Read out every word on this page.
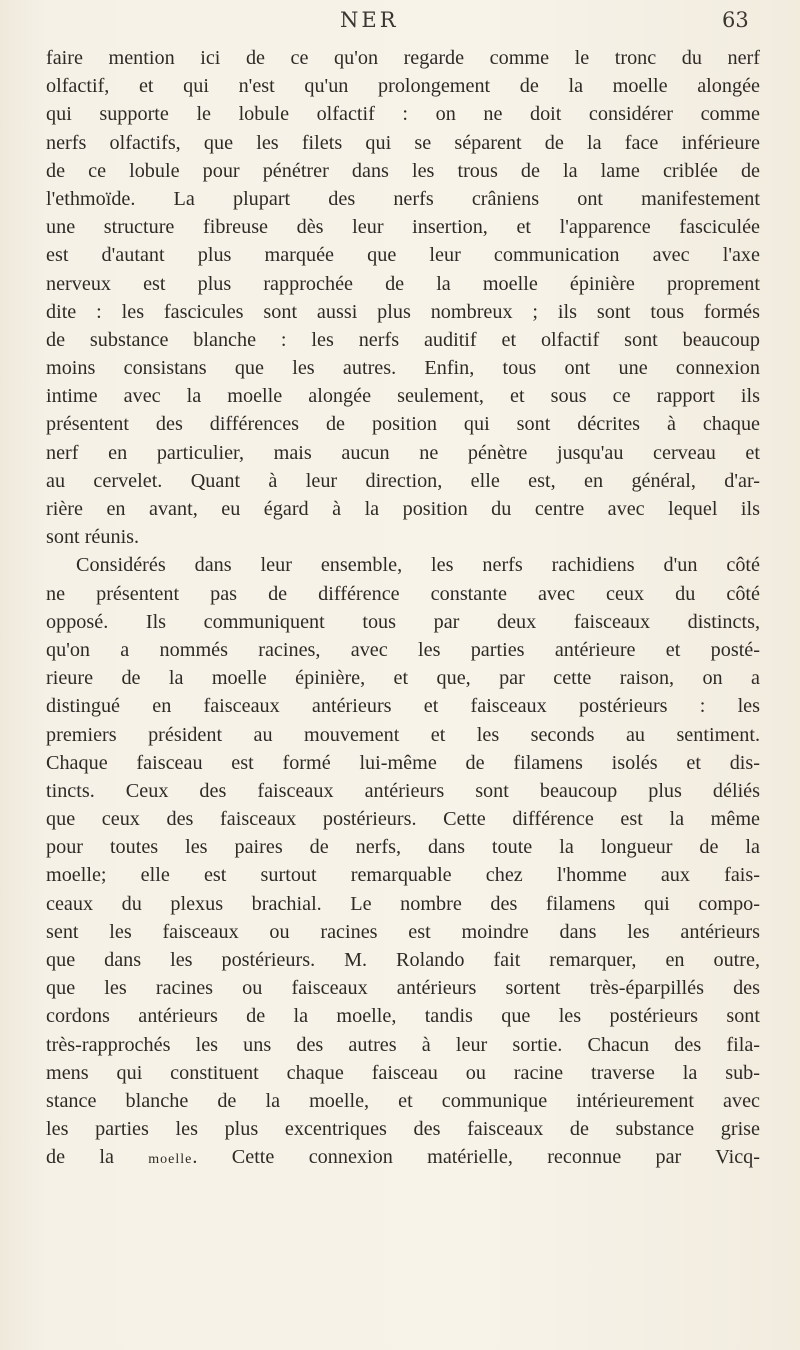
NER	63
faire mention ici de ce qu'on regarde comme le tronc du nerf
olfactif, et qui n'est qu'un prolongement de la moelle alongée
qui supporte le lobule olfactif : on ne doit considérer comme
nerfs olfactifs, que les filets qui se séparent de la face inférieure
de ce lobule pour pénétrer dans les trous de la lame criblée de
l'ethmoïde. La plupart des nerfs crâniens ont manifestement
une structure fibreuse dès leur insertion, et l'apparence fasciculée
est d'autant plus marquée que leur communication avec l'axe
nerveux est plus rapprochée de la moelle épinière proprement
dite : les fascicules sont aussi plus nombreux ; ils sont tous formés
de substance blanche : les nerfs auditif et olfactif sont beaucoup
moins consistans que les autres. Enfin, tous ont une connexion
intime avec la moelle alongée seulement, et sous ce rapport ils
présentent des différences de position qui sont décrites à chaque
nerf en particulier, mais aucun ne pénètre jusqu'au cerveau et
au cervelet. Quant à leur direction, elle est, en général, d'ar-
rière en avant, eu égard à la position du centre avec lequel ils
sont réunis.
Considérés dans leur ensemble, les nerfs rachidiens d'un côté
ne présentent pas de différence constante avec ceux du côté
opposé. Ils communiquent tous par deux faisceaux distincts,
qu'on a nommés racines, avec les parties antérieure et posté-
rieure de la moelle épinière, et que, par cette raison, on a
distingué en faisceaux antérieurs et faisceaux postérieurs : les
premiers président au mouvement et les seconds au sentiment.
Chaque faisceau est formé lui-même de filamens isolés et dis-
tincts. Ceux des faisceaux antérieurs sont beaucoup plus déliés
que ceux des faisceaux postérieurs. Cette différence est la même
pour toutes les paires de nerfs, dans toute la longueur de la
moelle; elle est surtout remarquable chez l'homme aux fais-
ceaux du plexus brachial. Le nombre des filamens qui compo-
sent les faisceaux ou racines est moindre dans les antérieurs
que dans les postérieurs. M. Rolando fait remarquer, en outre,
que les racines ou faisceaux antérieurs sortent très-éparpillés des
cordons antérieurs de la moelle, tandis que les postérieurs sont
très-rapprochés les uns des autres à leur sortie. Chacun des fila-
mens qui constituent chaque faisceau ou racine traverse la sub-
stance blanche de la moelle, et communique intérieurement avec
les parties les plus excentriques des faisceaux de substance grise
de la moelle. Cette connexion matérielle, reconnue par Vicq-
